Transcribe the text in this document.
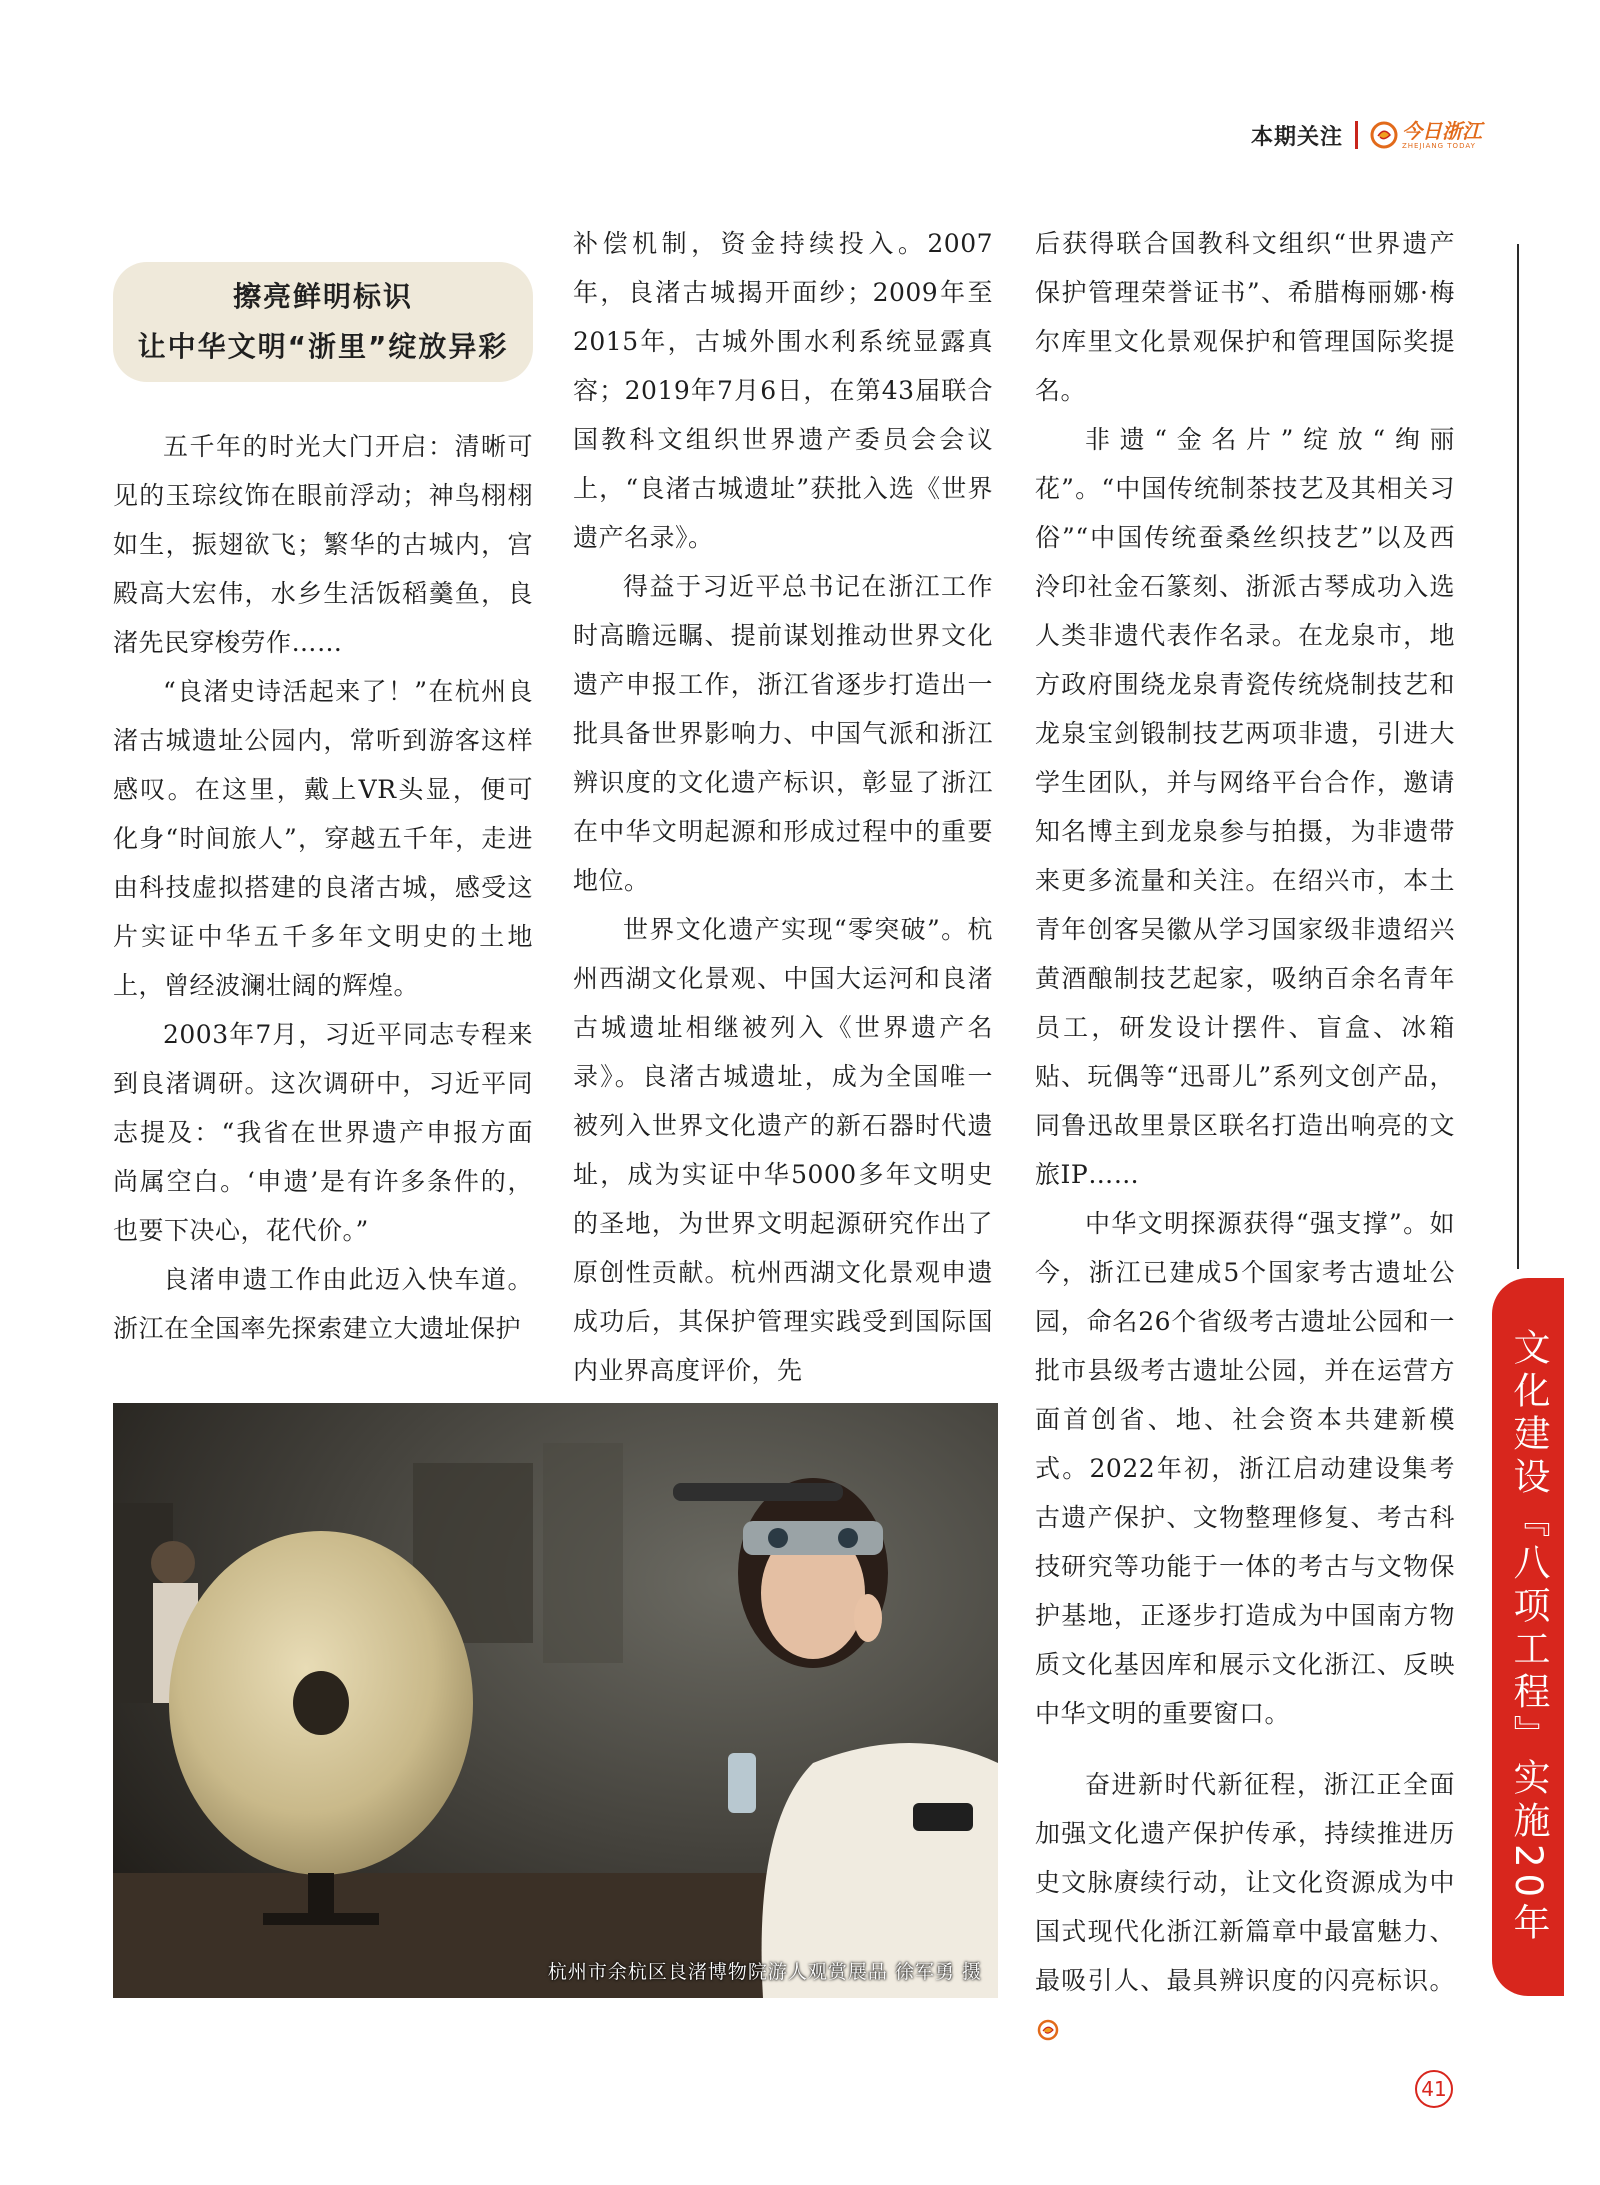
本期关注	今日浙江
ZHEJIANG TODAY
擦亮鲜明标识
让中华文明“浙里”绽放异彩

五千年的时光大门开启：清晰可见的玉琮纹饰在眼前浮动；神鸟栩栩如生，振翅欲飞；繁华的古城内，宫殿高大宏伟，水乡生活饭稻羹鱼，良渚先民穿梭劳作……

“良渚史诗活起来了！”在杭州良渚古城遗址公园内，常听到游客这样感叹。在这里，戴上VR头显，便可化身“时间旅人”，穿越五千年，走进由科技虚拟搭建的良渚古城，感受这片实证中华五千多年文明史的土地上，曾经波澜壮阔的辉煌。

2003年7月，习近平同志专程来到良渚调研。这次调研中，习近平同志提及：“我省在世界遗产申报方面尚属空白。‘申遗’是有许多条件的，也要下决心，花代价。”

良渚申遗工作由此迈入快车道。浙江在全国率先探索建立大遗址保护

补偿机制，资金持续投入。2007年，良渚古城揭开面纱；2009年至2015年，古城外围水利系统显露真容；2019年7月6日，在第43届联合国教科文组织世界遗产委员会会议上，“良渚古城遗址”获批入选《世界遗产名录》。

得益于习近平总书记在浙江工作时高瞻远瞩、提前谋划推动世界文化遗产申报工作，浙江省逐步打造出一批具备世界影响力、中国气派和浙江辨识度的文化遗产标识，彰显了浙江在中华文明起源和形成过程中的重要地位。

世界文化遗产实现“零突破”。杭州西湖文化景观、中国大运河和良渚古城遗址相继被列入《世界遗产名录》。良渚古城遗址，成为全国唯一被列入世界文化遗产的新石器时代遗址，成为实证中华5000多年文明史的圣地，为世界文明起源研究作出了原创性贡献。杭州西湖文化景观申遗成功后，其保护管理实践受到国际国内业界高度评价，先

后获得联合国教科文组织“世界遗产保护管理荣誉证书”、希腊梅丽娜·梅尔库里文化景观保护和管理国际奖提名。

非遗“金名片”绽放“绚丽花”。“中国传统制茶技艺及其相关习俗”“中国传统蚕桑丝织技艺”以及西泠印社金石篆刻、浙派古琴成功入选人类非遗代表作名录。在龙泉市，地方政府围绕龙泉青瓷传统烧制技艺和龙泉宝剑锻制技艺两项非遗，引进大学生团队，并与网络平台合作，邀请知名博主到龙泉参与拍摄，为非遗带来更多流量和关注。在绍兴市，本土青年创客吴徽从学习国家级非遗绍兴黄酒酿制技艺起家，吸纳百余名青年员工，研发设计摆件、盲盒、冰箱贴、玩偶等“迅哥儿”系列文创产品，同鲁迅故里景区联名打造出响亮的文旅IP……

中华文明探源获得“强支撑”。如今，浙江已建成5个国家考古遗址公园，命名26个省级考古遗址公园和一批市县级考古遗址公园，并在运营方面首创省、地、社会资本共建新模式。2022年初，浙江启动建设集考古遗产保护、文物整理修复、考古科技研究等功能于一体的考古与文物保护基地，正逐步打造成为中国南方物质文化基因库和展示文化浙江、反映中华文明的重要窗口。

奋进新时代新征程，浙江正全面加强文化遗产保护传承，持续推进历史文脉赓续行动，让文化资源成为中国式现代化浙江新篇章中最富魅力、最吸引人、最具辨识度的闪亮标识。

杭州市余杭区良渚博物院游人观赏展品 徐军勇 摄
文化建设『八项工程』实施20年
41
